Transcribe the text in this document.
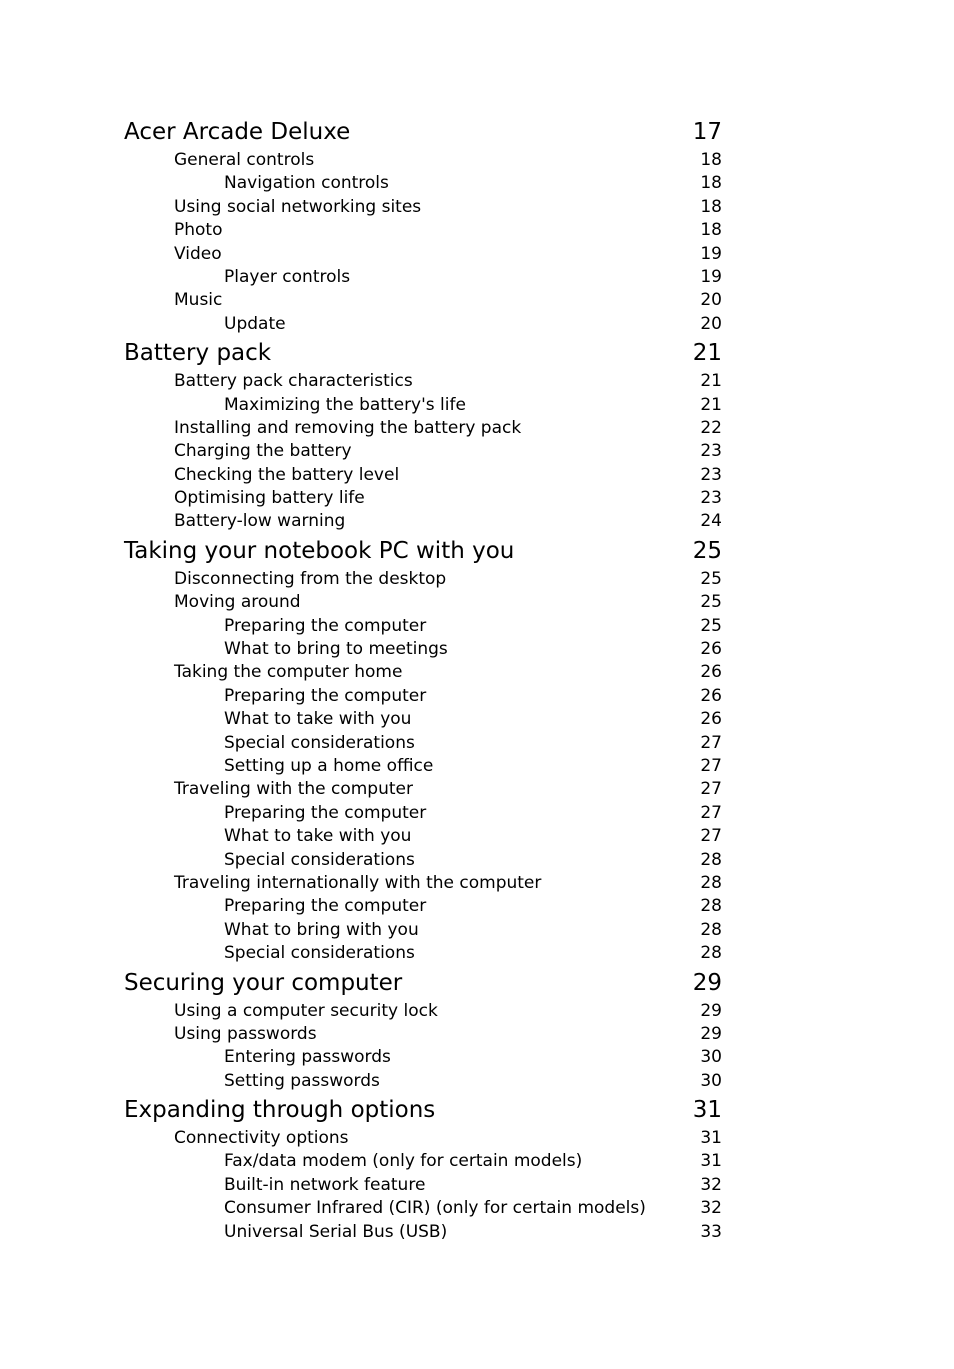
Acer Arcade Deluxe	17
General controls	18
Navigation controls	18
Using social networking sites	18
Photo	18
Video	19
Player controls	19
Music	20
Update	20
Battery pack	21
Battery pack characteristics	21
Maximizing the battery's life	21
Installing and removing the battery pack	22
Charging the battery	23
Checking the battery level	23
Optimising battery life	23
Battery-low warning	24
Taking your notebook PC with you	25
Disconnecting from the desktop	25
Moving around	25
Preparing the computer	25
What to bring to meetings	26
Taking the computer home	26
Preparing the computer	26
What to take with you	26
Special considerations	27
Setting up a home office	27
Traveling with the computer	27
Preparing the computer	27
What to take with you	27
Special considerations	28
Traveling internationally with the computer	28
Preparing the computer	28
What to bring with you	28
Special considerations	28
Securing your computer	29
Using a computer security lock	29
Using passwords	29
Entering passwords	30
Setting passwords	30
Expanding through options	31
Connectivity options	31
Fax/data modem (only for certain models)	31
Built-in network feature	32
Consumer Infrared (CIR) (only for certain models)	32
Universal Serial Bus (USB)	33
